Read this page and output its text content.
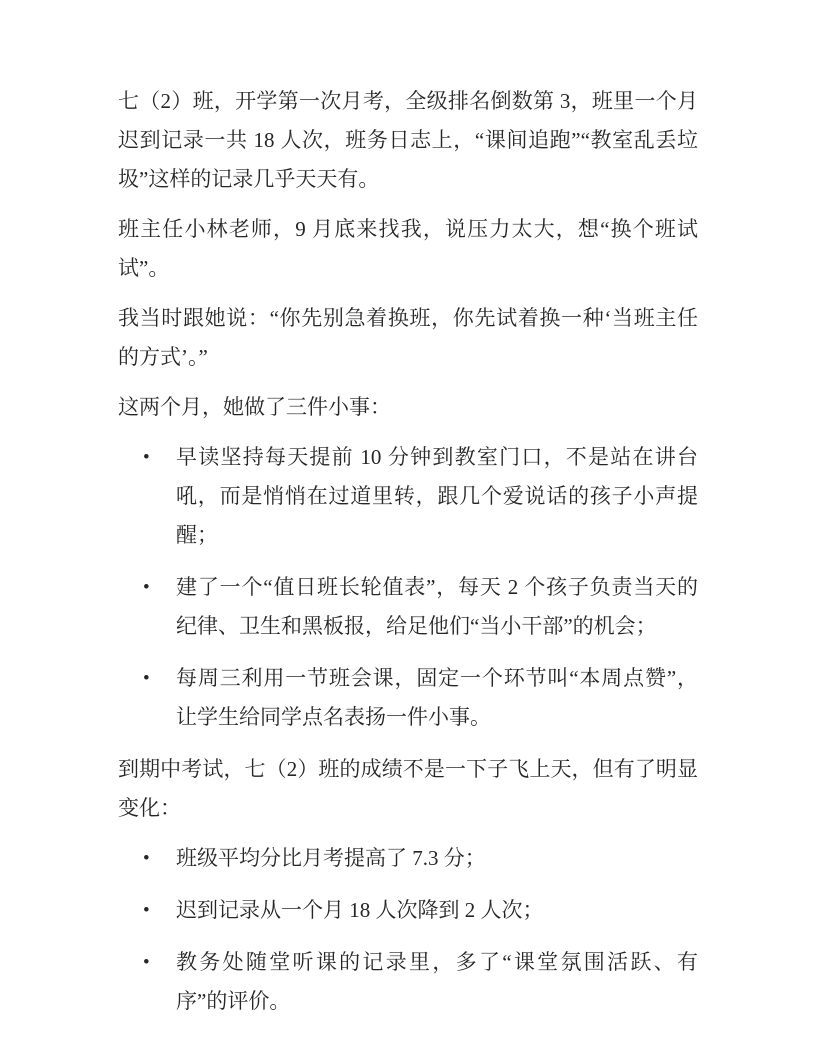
七（2）班，开学第一次月考，全级排名倒数第 3，班里一个月迟到记录一共 18 人次，班务日志上，“课间追跑”“教室乱丢垃圾”这样的记录几乎天天有。

班主任小林老师，9 月底来找我，说压力太大，想“换个班试试”。

我当时跟她说：“你先别急着换班，你先试着换一种‘当班主任的方式’。”

这两个月，她做了三件小事：

•	早读坚持每天提前 10 分钟到教室门口，不是站在讲台吼，而是悄悄在过道里转，跟几个爱说话的孩子小声提醒；
•	建了一个“值日班长轮值表”，每天 2 个孩子负责当天的纪律、卫生和黑板报，给足他们“当小干部”的机会；
•	每周三利用一节班会课，固定一个环节叫“本周点赞”，让学生给同学点名表扬一件小事。

到期中考试，七（2）班的成绩不是一下子飞上天，但有了明显变化：

•	班级平均分比月考提高了 7.3 分；
•	迟到记录从一个月 18 人次降到 2 人次；
•	教务处随堂听课的记录里，多了“课堂氛围活跃、有序”的评价。
